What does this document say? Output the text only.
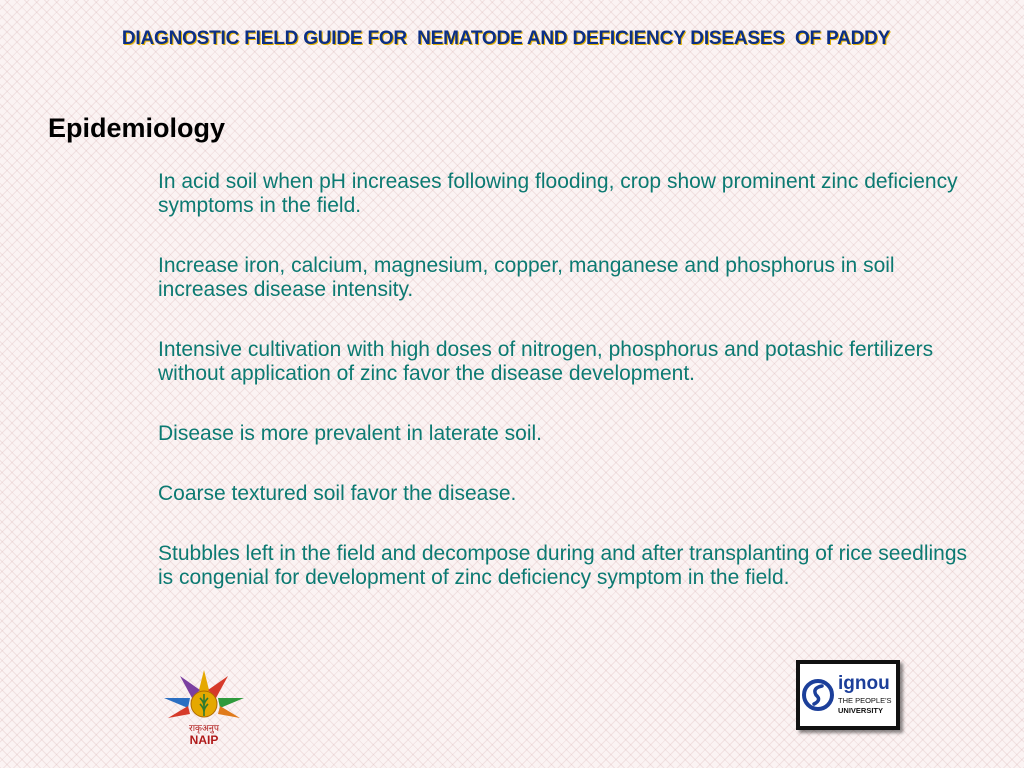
DIAGNOSTIC FIELD GUIDE FOR  NEMATODE AND DEFICIENCY DISEASES  OF PADDY
Epidemiology
In acid soil when pH increases following flooding, crop show prominent zinc deficiency symptoms in the field.
Increase iron, calcium, magnesium, copper, manganese and phosphorus in soil increases disease intensity.
Intensive cultivation with high doses of nitrogen, phosphorus and potashic fertilizers without application of zinc favor the disease development.
Disease is more prevalent in laterate soil.
Coarse textured soil favor the disease.
Stubbles left in the field and decompose during and after transplanting of rice seedlings is congenial for development of zinc deficiency symptom in the field.
राकृअनुप
NAIP
ignou
THE PEOPLE'S
UNIVERSITY
